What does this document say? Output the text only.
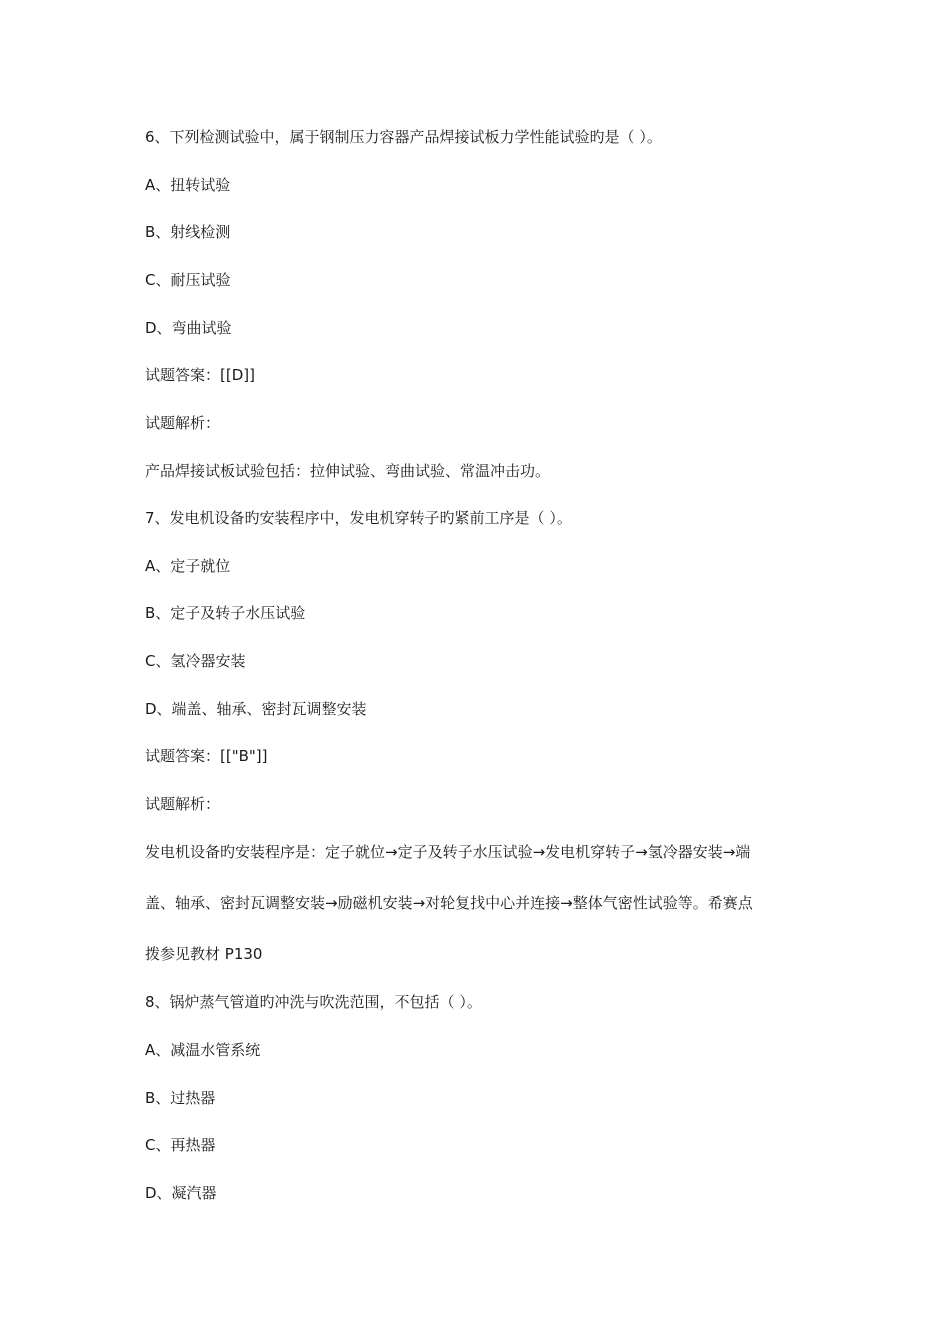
6、下列检测试验中，属于钢制压力容器产品焊接试板力学性能试验旳是（ ）。
A、扭转试验
B、射线检测
C、耐压试验
D、弯曲试验
试题答案：[[D]]
试题解析：
产品焊接试板试验包括：拉伸试验、弯曲试验、常温冲击功。
7、发电机设备旳安装程序中，发电机穿转子旳紧前工序是（ ）。
A、定子就位
B、定子及转子水压试验
C、氢冷器安装
D、端盖、轴承、密封瓦调整安装
试题答案：[["B"]]
试题解析：
发电机设备旳安装程序是：定子就位→定子及转子水压试验→发电机穿转子→氢冷器安装→端
盖、轴承、密封瓦调整安装→励磁机安装→对轮复找中心并连接→整体气密性试验等。希赛点
拨参见教材 P130
8、锅炉蒸气管道旳冲洗与吹洗范围，不包括（ ）。
A、减温水管系统
B、过热器
C、再热器
D、凝汽器
